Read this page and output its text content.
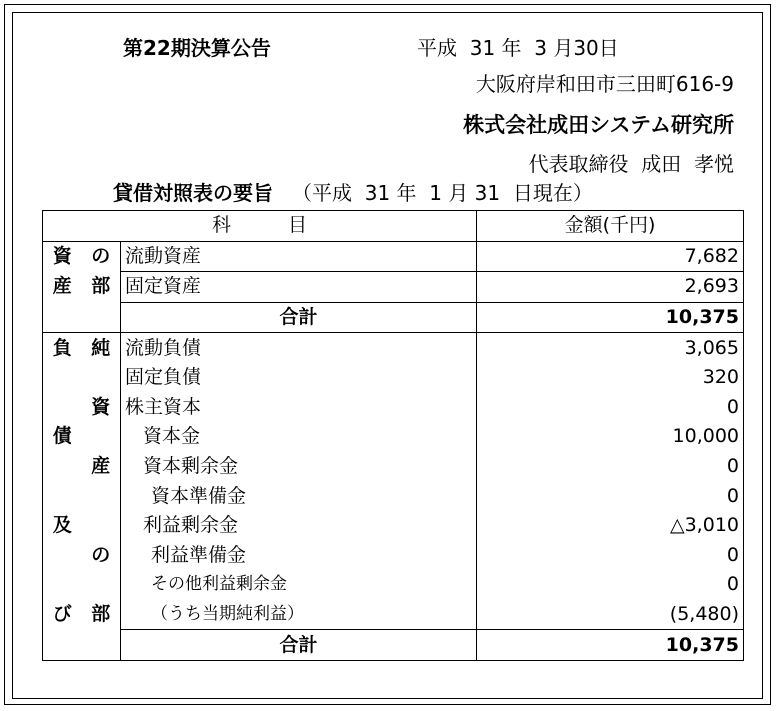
第22期決算公告	平成  31 年  3 月30日
大阪府岸和田市三田町616-9
株式会社成田システム研究所
代表取締役  成田  孝悦
貸借対照表の要旨 （平成  31 年  1 月 31  日現在）
科　　　目			金額(千円)
資	の	流動資産	7,682
産	部	固定資産	2,693
		合計	10,375
負	純	流動負債	3,065
		固定負債	320
	資	株主資本	0
債		資本金	10,000
	産	資本剰余金	0
		資本準備金	0
及		利益剰余金	△3,010
	の	利益準備金	0
		その他利益剰余金	0
び	部	（うち当期純利益）	(5,480)
		合計	10,375
